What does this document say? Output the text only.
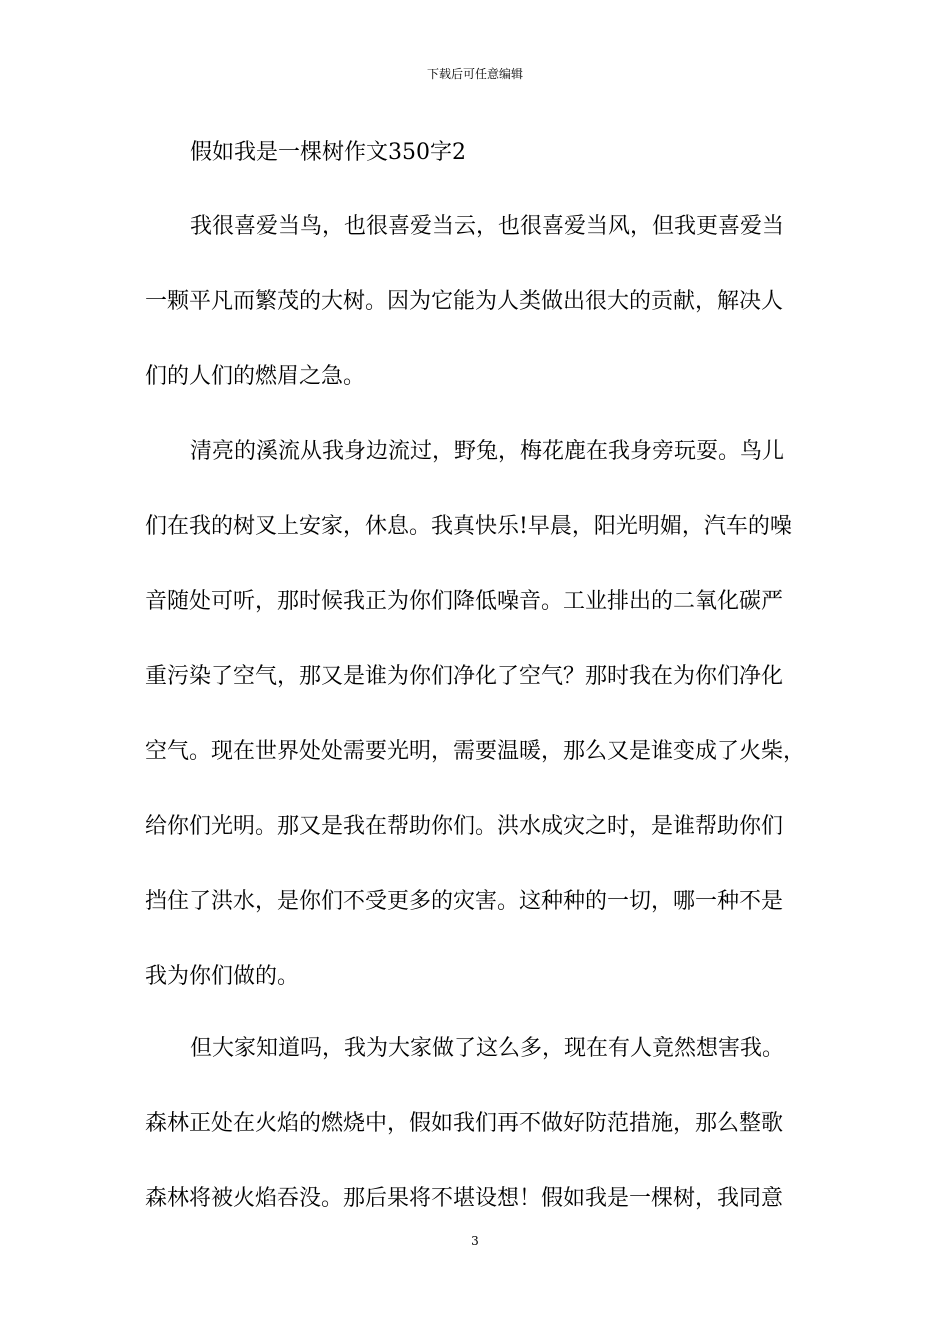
下载后可任意编辑
假如我是一棵树作文350字2
我很喜爱当鸟，也很喜爱当云，也很喜爱当风，但我更喜爱当
一颗平凡而繁茂的大树。因为它能为人类做出很大的贡献，解决人
们的人们的燃眉之急。
清亮的溪流从我身边流过，野兔，梅花鹿在我身旁玩耍。鸟儿
们在我的树叉上安家，休息。我真快乐!早晨，阳光明媚，汽车的噪
音随处可听，那时候我正为你们降低噪音。工业排出的二氧化碳严
重污染了空气，那又是谁为你们净化了空气？那时我在为你们净化
空气。现在世界处处需要光明，需要温暖，那么又是谁变成了火柴，
给你们光明。那又是我在帮助你们。洪水成灾之时，是谁帮助你们
挡住了洪水，是你们不受更多的灾害。这种种的一切，哪一种不是
我为你们做的。
但大家知道吗，我为大家做了这么多，现在有人竟然想害我。
森林正处在火焰的燃烧中，假如我们再不做好防范措施，那么整歌
森林将被火焰吞没。那后果将不堪设想！假如我是一棵树，我同意
3
